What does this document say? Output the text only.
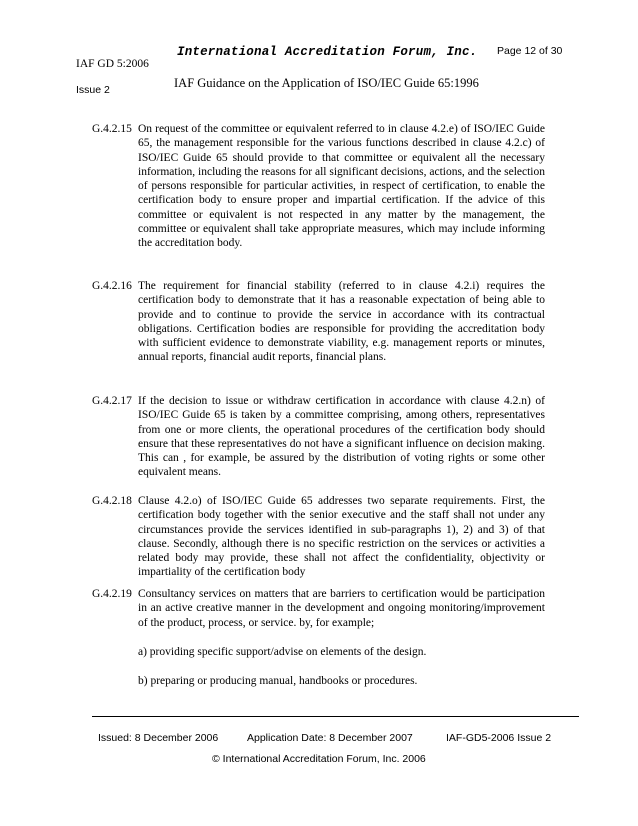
IAF GD 5:2006
Issue 2
International Accreditation Forum, Inc. Page 12 of 30
IAF Guidance on the Application of ISO/IEC Guide 65:1996
G.4.2.15 On request of the committee or equivalent referred to in clause 4.2.e) of ISO/IEC Guide 65, the management responsible for the various functions described in clause 4.2.c) of ISO/IEC Guide 65 should provide to that committee or equivalent all the necessary information, including the reasons for all significant decisions, actions, and the selection of persons responsible for particular activities, in respect of certification, to enable the certification body to ensure proper and impartial certification. If the advice of this committee or equivalent is not respected in any matter by the management, the committee or equivalent shall take appropriate measures, which may include informing the accreditation body.
G.4.2.16 The requirement for financial stability (referred to in clause 4.2.i) requires the certification body to demonstrate that it has a reasonable expectation of being able to provide and to continue to provide the service in accordance with its contractual obligations. Certification bodies are responsible for providing the accreditation body with sufficient evidence to demonstrate viability, e.g. management reports or minutes, annual reports, financial audit reports, financial plans.
G.4.2.17 If the decision to issue or withdraw certification in accordance with clause 4.2.n) of ISO/IEC Guide 65 is taken by a committee comprising, among others, representatives from one or more clients, the operational procedures of the certification body should ensure that these representatives do not have a significant influence on decision making. This can , for example, be assured by the distribution of voting rights or some other equivalent means.
G.4.2.18 Clause 4.2.o) of ISO/IEC Guide 65 addresses two separate requirements. First, the certification body together with the senior executive and the staff shall not under any circumstances provide the services identified in sub-paragraphs 1), 2) and 3) of that clause. Secondly, although there is no specific restriction on the services or activities a related body may provide, these shall not affect the confidentiality, objectivity or impartiality of the certification body
G.4.2.19 Consultancy services on matters that are barriers to certification would be participation in an active creative manner in the development and ongoing monitoring/improvement of the product, process, or service. by, for example;
a) providing specific support/advise on elements of the design.
b) preparing or producing manual, handbooks or procedures.
Issued: 8 December 2006	Application Date: 8 December 2007	IAF-GD5-2006 Issue 2
© International Accreditation Forum, Inc. 2006
